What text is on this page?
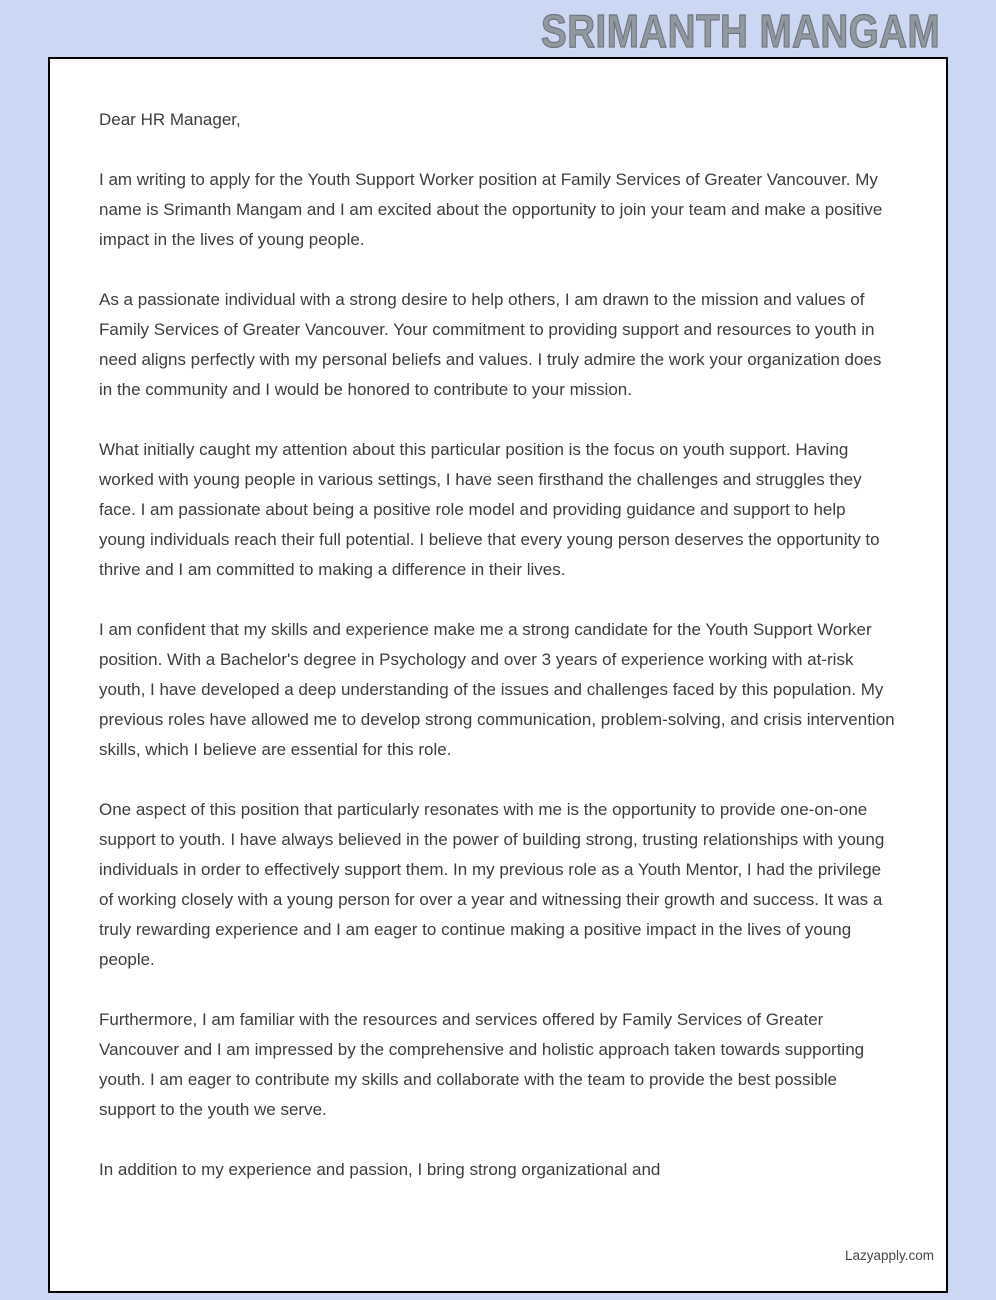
SRIMANTH MANGAM

Dear HR Manager,

I am writing to apply for the Youth Support Worker position at Family Services of Greater Vancouver. My name is Srimanth Mangam and I am excited about the opportunity to join your team and make a positive impact in the lives of young people.

As a passionate individual with a strong desire to help others, I am drawn to the mission and values of Family Services of Greater Vancouver. Your commitment to providing support and resources to youth in need aligns perfectly with my personal beliefs and values. I truly admire the work your organization does in the community and I would be honored to contribute to your mission.

What initially caught my attention about this particular position is the focus on youth support. Having worked with young people in various settings, I have seen firsthand the challenges and struggles they face. I am passionate about being a positive role model and providing guidance and support to help young individuals reach their full potential. I believe that every young person deserves the opportunity to thrive and I am committed to making a difference in their lives.

I am confident that my skills and experience make me a strong candidate for the Youth Support Worker position. With a Bachelor's degree in Psychology and over 3 years of experience working with at-risk youth, I have developed a deep understanding of the issues and challenges faced by this population. My previous roles have allowed me to develop strong communication, problem-solving, and crisis intervention skills, which I believe are essential for this role.

One aspect of this position that particularly resonates with me is the opportunity to provide one-on-one support to youth. I have always believed in the power of building strong, trusting relationships with young individuals in order to effectively support them. In my previous role as a Youth Mentor, I had the privilege of working closely with a young person for over a year and witnessing their growth and success. It was a truly rewarding experience and I am eager to continue making a positive impact in the lives of young people.

Furthermore, I am familiar with the resources and services offered by Family Services of Greater Vancouver and I am impressed by the comprehensive and holistic approach taken towards supporting youth. I am eager to contribute my skills and collaborate with the team to provide the best possible support to the youth we serve.

In addition to my experience and passion, I bring strong organizational and

Lazyapply.com
